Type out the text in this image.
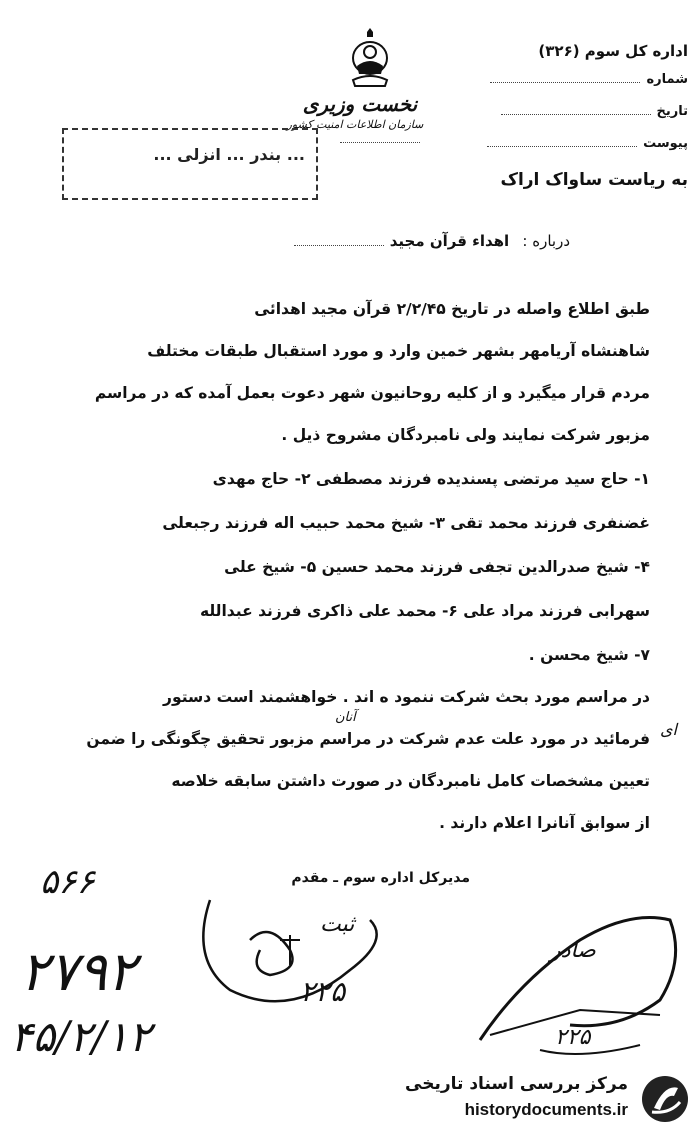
نخست وزیری
سازمان اطلاعات امنیت کشور
... بندر ... انزلی ...
اداره کل سوم (۳۲۶)
شماره
تاریخ
پیوست
به ریاست ساواک اراک
درباره : اهداء قرآن مجید
طبق اطلاع واصله در تاریخ ۲/۲/۴۵ قرآن مجید اهدائی
شاهنشاه آریامهر بشهر خمین وارد و مورد استقبال طبقات مختلف
مردم قرار میگیرد و از کلیه روحانیون شهر دعوت بعمل آمده که در مراسم
مزبور شرکت نمایند ولی نامبردگان مشروح ذیل .
۱- حاج سید مرتضی پسندیده فرزند مصطفی ۲- حاج مهدی
غضنفری فرزند محمد تقی ۳- شیخ محمد حبیب اله فرزند رجبعلی
۴- شیخ صدرالدین تجفی فرزند محمد حسین ۵- شیخ علی
سهرابی فرزند مراد علی ۶- محمد علی ذاکری فرزند عبدالله
۷- شیخ محسن .
در مراسم مورد بحث شرکت ننمود ه اند . خواهشمند است دستور
فرمائید در مورد علت عدم شرکت در مراسم مزبور تحقیق چگونگی را ضمن
تعیین مشخصات کامل نامبردگان در صورت داشتن سابقه خلاصه
از سوابق آنانرا اعلام دارند .
مدیرکل اداره سوم ـ مقدم
۵۶۶
۲۷۹۲
۴۵/۲/۱۲
صادر
۲۲۵
۲۲۵
ثبت
ای
آنان
مرکز بررسی اسناد تاریخی
historydocuments.ir
